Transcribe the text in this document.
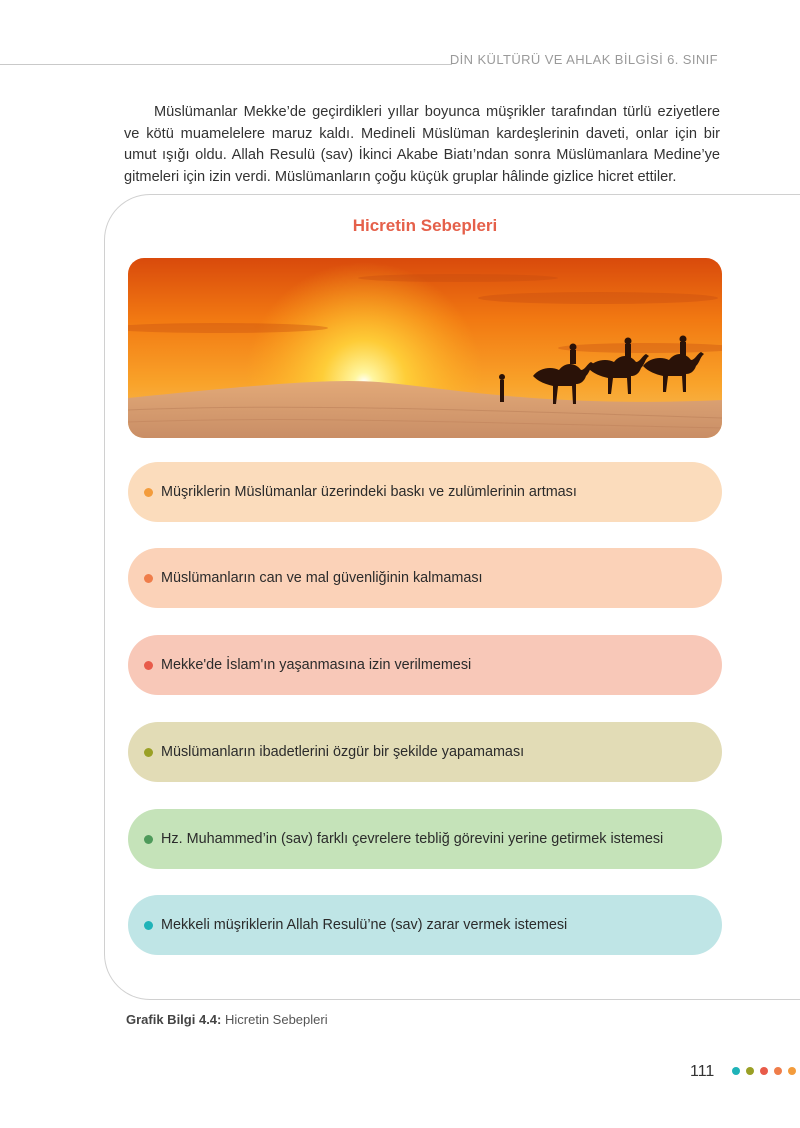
DİN KÜLTÜRÜ VE AHLAK BİLGİSİ 6. SINIF

Müslümanlar Mekke’de geçirdikleri yıllar boyunca müşrikler tarafından türlü eziyetlere ve kötü muamelelere maruz kaldı. Medineli Müslüman kardeşlerinin daveti, onlar için bir umut ışığı oldu. Allah Resulü (sav) İkinci Akabe Biatı’ndan sonra Müslümanlara Medine’ye gitmeleri için izin verdi. Müslümanların çoğu küçük gruplar hâlinde gizlice hicret ettiler.

Hicretin Sebepleri
Müşriklerin Müslümanlar üzerindeki baskı ve zulümlerinin artması
Müslümanların can ve mal güvenliğinin kalmaması
Mekke'de İslam'ın yaşanmasına izin verilmemesi
Müslümanların ibadetlerini özgür bir şekilde yapamaması
Hz. Muhammed’in (sav) farklı çevrelere tebliğ görevini yerine getirmek istemesi
Mekkeli müşriklerin Allah Resulü’ne (sav) zarar vermek istemesi
Grafik Bilgi 4.4: Hicretin Sebepleri
111
